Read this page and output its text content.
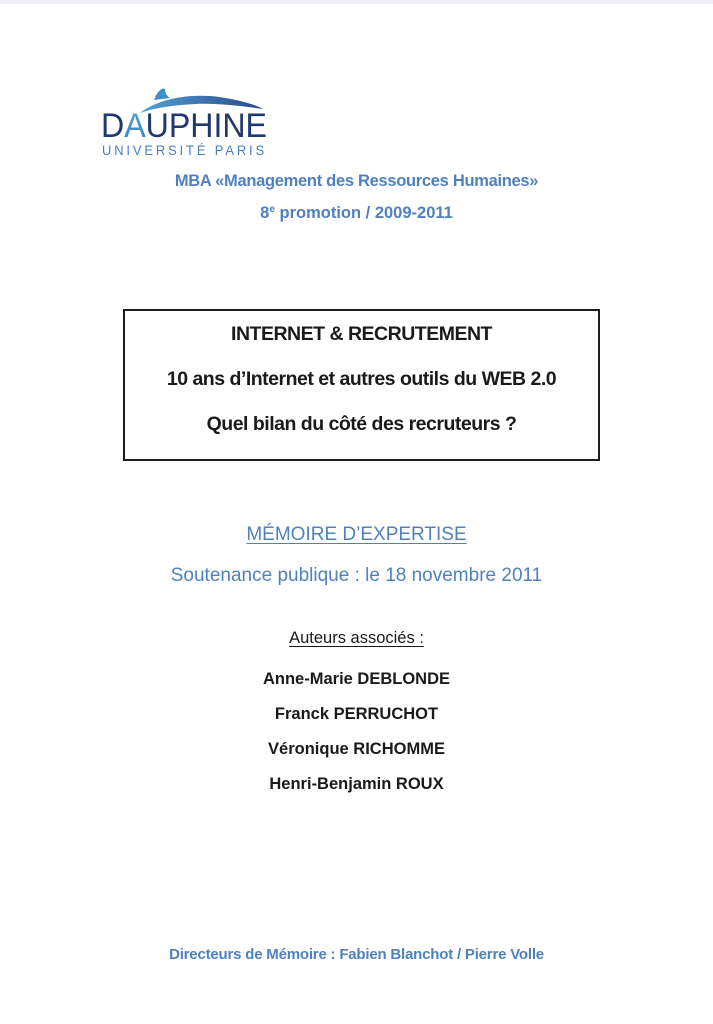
DAUPHINE
UNIVERSITÉ PARIS
MBA «Management des Ressources Humaines»
8e promotion / 2009-2011
INTERNET & RECRUTEMENT
10 ans d’Internet et autres outils du WEB 2.0
Quel bilan du côté des recruteurs ?
MÉMOIRE D’EXPERTISE
Soutenance publique : le 18 novembre 2011
Auteurs associés :
Anne-Marie DEBLONDE
Franck PERRUCHOT
Véronique RICHOMME
Henri-Benjamin ROUX
Directeurs de Mémoire : Fabien Blanchot / Pierre Volle
